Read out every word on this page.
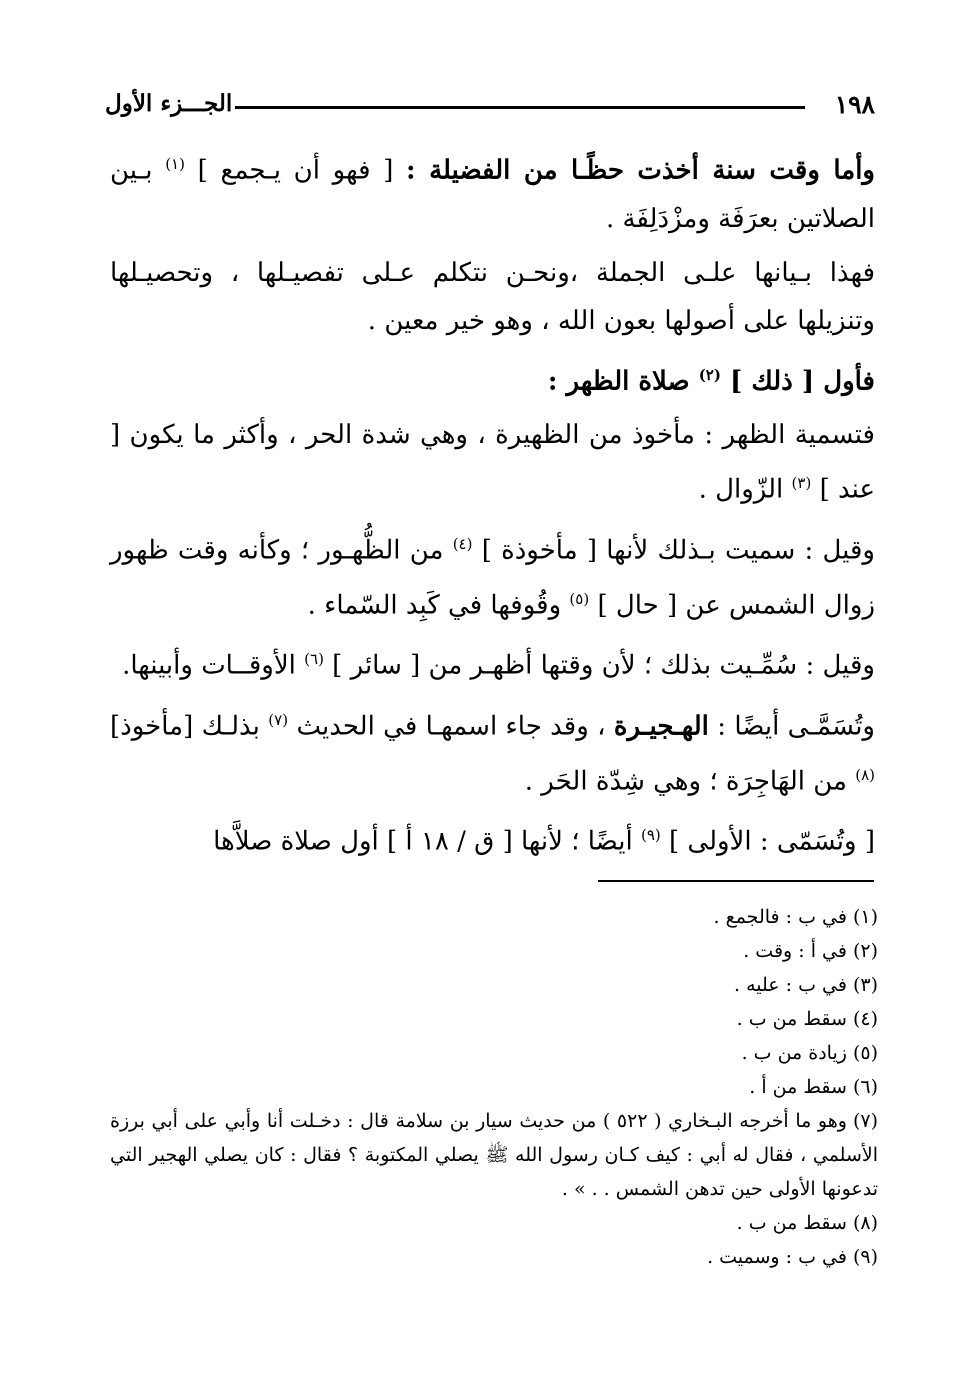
١٩٨
الجـــزء الأول

وأما وقت سنة أخذت حظًـا من الفضيلة : [ فهو أن يـجمع ] $^{(١)}$ بـين الصلاتين بعرَفَة ومزْدَلِفَة .

فهذا بـيانها علـى الجملة ،ونحـن نتكلم عـلى تفصيـلها ، وتحصيـلها وتنزيلها على أصولها بعون الله ، وهو خير معين .

فأول [ ذلك ] $^{(٢)}$ صلاة الظهر :

فتسمية الظهر : مأخوذ من الظهيرة ، وهي شدة الحر ، وأكثر ما يكون [ عند ] $^{(٣)}$ الزّوال .

وقيل : سميت بـذلك لأنها [ مأخوذة ] $^{(٤)}$ من الظُّهـور ؛ وكأنه وقت ظهور زوال الشمس عن [ حال ] $^{(٥)}$ وقُوفها في كَبِد السّماء .

وقيل : سُمِّـيت بذلك ؛ لأن وقتها أظهـر من [ سائر ] $^{(٦)}$ الأوقــات وأبينها.

وتُسَمَّـى أيضًا : الهـجيـرة ، وقد جاء اسمهـا في الحديث $^{(٧)}$ بذلـك [مأخوذ] $^{(٨)}$ من الهَاجِرَة ؛ وهي شِدّة الحَر .

[ وتُسَمّى : الأولى ] $^{(٩)}$ أيضًا ؛ لأنها [ ق / ١٨ أ ] أول صلاة صلاَّها

(١)في ب : فالجمع .

(٢)في أ : وقت .

(٣)في ب : عليه .

(٤)سقط من ب .

(٥)زيادة من ب .

(٦)سقط من أ .

(٧)وهو ما أخرجه البـخاري ( ٥٢٢ ) من حديث سيار بن سلامة قال : دخـلت أنا وأبي على أبي برزة الأسلمي ، فقال له أبي : كيف كـان رسول الله ﷺ يصلي المكتوبة ؟ فقال : كان يصلي الهجير التي تدعونها الأولى حين تدهن الشمس . . » .

(٨)سقط من ب .

(٩)في ب : وسميت .
